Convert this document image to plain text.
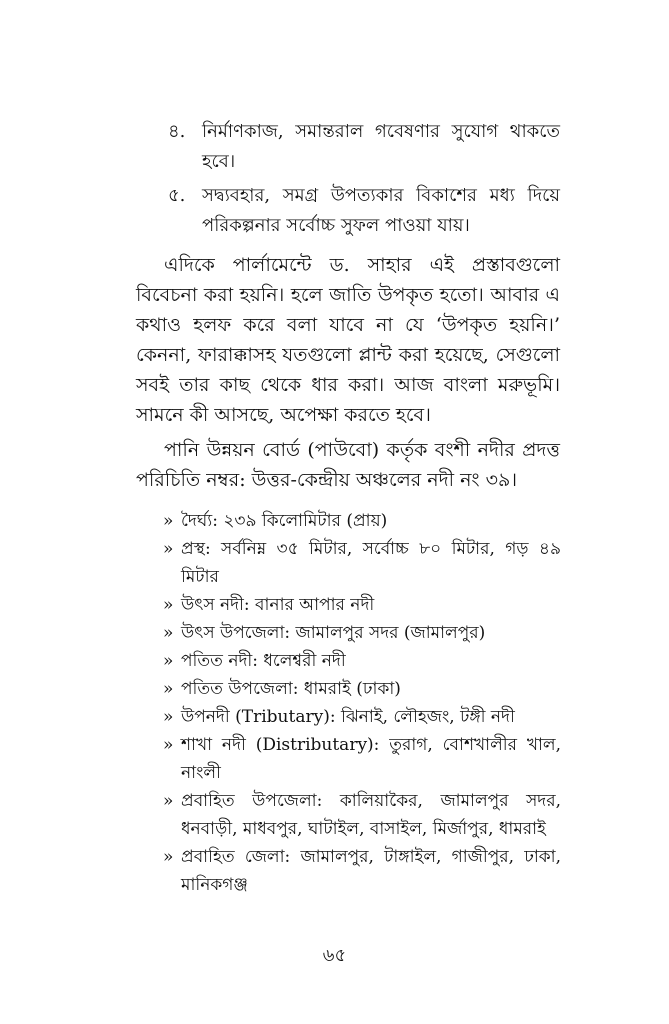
৪. নির্মাণকাজ, সমান্তরাল গবেষণার সুযোগ থাকতে হবে।
৫. সদ্ব্যবহার, সমগ্র উপত্যকার বিকাশের মধ্য দিয়ে পরিকল্পনার সর্বোচ্চ সুফল পাওয়া যায়।

এদিকে পার্লামেন্টে ড. সাহার এই প্রস্তাবগুলো বিবেচনা করা হয়নি। হলে জাতি উপকৃত হতো। আবার এ কথাও হলফ করে বলা যাবে না যে ‘উপকৃত হয়নি।’ কেননা, ফারাক্কাসহ যতগুলো প্লান্ট করা হয়েছে, সেগুলো সবই তার কাছ থেকে ধার করা। আজ বাংলা মরুভূমি। সামনে কী আসছে, অপেক্ষা করতে হবে।

পানি উন্নয়ন বোর্ড (পাউবো) কর্তৃক বংশী নদীর প্রদত্ত পরিচিতি নম্বর: উত্তর-কেন্দ্রীয় অঞ্চলের নদী নং ৩৯।

» দৈর্ঘ্য: ২৩৯ কিলোমিটার (প্রায়)
» প্রস্থ: সর্বনিম্ন ৩৫ মিটার, সর্বোচ্চ ৮০ মিটার, গড় ৪৯ মিটার
» উৎস নদী: বানার আপার নদী
» উৎস উপজেলা: জামালপুর সদর (জামালপুর)
» পতিত নদী: ধলেশ্বরী নদী
» পতিত উপজেলা: ধামরাই (ঢাকা)
» উপনদী (Tributary): ঝিনাই, লৌহজং, টঙ্গী নদী
» শাখা নদী (Distributary): তুরাগ, বোশখালীর খাল, নাংলী
» প্রবাহিত উপজেলা: কালিয়াকৈর, জামালপুর সদর, ধনবাড়ী, মাধবপুর, ঘাটাইল, বাসাইল, মির্জাপুর, ধামরাই
» প্রবাহিত জেলা: জামালপুর, টাঙ্গাইল, গাজীপুর, ঢাকা, মানিকগঞ্জ
৬৫
